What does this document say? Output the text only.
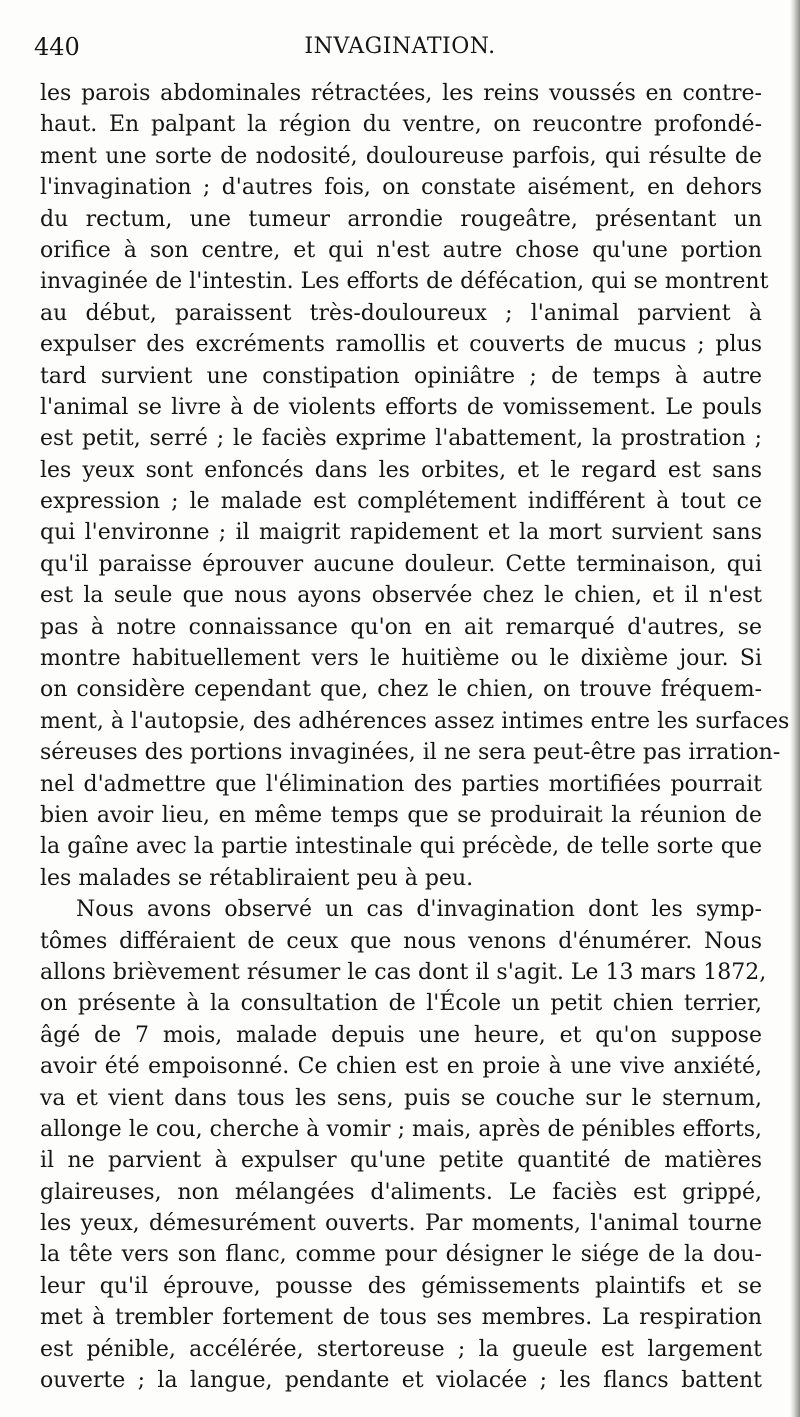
440	INVAGINATION.
les parois abdominales rétractées, les reins voussés en contre-
haut. En palpant la région du ventre, on reucontre profondé-
ment une sorte de nodosité, douloureuse parfois, qui résulte de
l'invagination ; d'autres fois, on constate aisément, en dehors
du rectum, une tumeur arrondie rougeâtre, présentant un
orifice à son centre, et qui n'est autre chose qu'une portion
invaginée de l'intestin. Les efforts de défécation, qui se montrent
au début, paraissent très-douloureux ; l'animal parvient à
expulser des excréments ramollis et couverts de mucus ; plus
tard survient une constipation opiniâtre ; de temps à autre
l'animal se livre à de violents efforts de vomissement. Le pouls
est petit, serré ; le faciès exprime l'abattement, la prostration ;
les yeux sont enfoncés dans les orbites, et le regard est sans
expression ; le malade est complétement indifférent à tout ce
qui l'environne ; il maigrit rapidement et la mort survient sans
qu'il paraisse éprouver aucune douleur. Cette terminaison, qui
est la seule que nous ayons observée chez le chien, et il n'est
pas à notre connaissance qu'on en ait remarqué d'autres, se
montre habituellement vers le huitième ou le dixième jour. Si
on considère cependant que, chez le chien, on trouve fréquem-
ment, à l'autopsie, des adhérences assez intimes entre les surfaces
séreuses des portions invaginées, il ne sera peut-être pas irration-
nel d'admettre que l'élimination des parties mortifiées pourrait
bien avoir lieu, en même temps que se produirait la réunion de
la gaîne avec la partie intestinale qui précède, de telle sorte que
les malades se rétabliraient peu à peu.
Nous avons observé un cas d'invagination dont les symp-
tômes différaient de ceux que nous venons d'énumérer. Nous
allons brièvement résumer le cas dont il s'agit. Le 13 mars 1872,
on présente à la consultation de l'École un petit chien terrier,
âgé de 7 mois, malade depuis une heure, et qu'on suppose
avoir été empoisonné. Ce chien est en proie à une vive anxiété,
va et vient dans tous les sens, puis se couche sur le sternum,
allonge le cou, cherche à vomir ; mais, après de pénibles efforts,
il ne parvient à expulser qu'une petite quantité de matières
glaireuses, non mélangées d'aliments. Le faciès est grippé,
les yeux, démesurément ouverts. Par moments, l'animal tourne
la tête vers son flanc, comme pour désigner le siége de la dou-
leur qu'il éprouve, pousse des gémissements plaintifs et se
met à trembler fortement de tous ses membres. La respiration
est pénible, accélérée, stertoreuse ; la gueule est largement
ouverte ; la langue, pendante et violacée ; les flancs battent
